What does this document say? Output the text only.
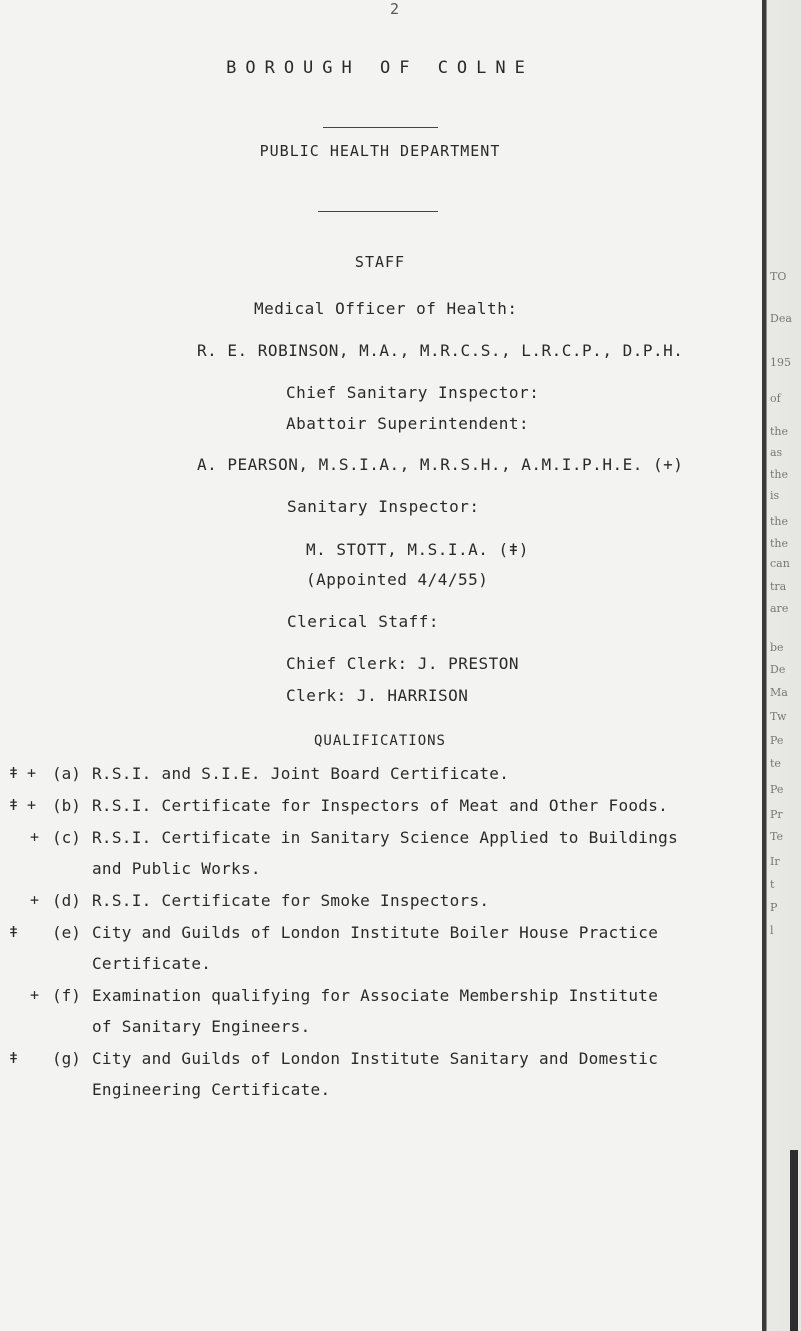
2
BOROUGH OF COLNE
PUBLIC HEALTH DEPARTMENT
STAFF
Medical Officer of Health:
R. E. ROBINSON, M.A., M.R.C.S., L.R.C.P., D.P.H.
Chief Sanitary Inspector:
Abattoir Superintendent:
A. PEARSON, M.S.I.A., M.R.S.H., A.M.I.P.H.E. (+)
Sanitary Inspector:
M. STOTT, M.S.I.A. (ǂ)
(Appointed 4/4/55)
Clerical Staff:
Chief Clerk: J. PRESTON
Clerk: J. HARRISON
QUALIFICATIONS
ǂ + (a) R.S.I. and S.I.E. Joint Board Certificate.
ǂ + (b) R.S.I. Certificate for Inspectors of Meat and Other Foods.
+ (c) R.S.I. Certificate in Sanitary Science Applied to Buildings
and Public Works.
+ (d) R.S.I. Certificate for Smoke Inspectors.
ǂ (e) City and Guilds of London Institute Boiler House Practice
Certificate.
+ (f) Examination qualifying for Associate Membership Institute
of Sanitary Engineers.
ǂ (g) City and Guilds of London Institute Sanitary and Domestic
Engineering Certificate.
TO
Dea
195
of
the
as
the
is
the
the
can
tra
are
be
De
Ma
Tw
Pe
te
Pe
Pr
Te
Ir
t
P
l
